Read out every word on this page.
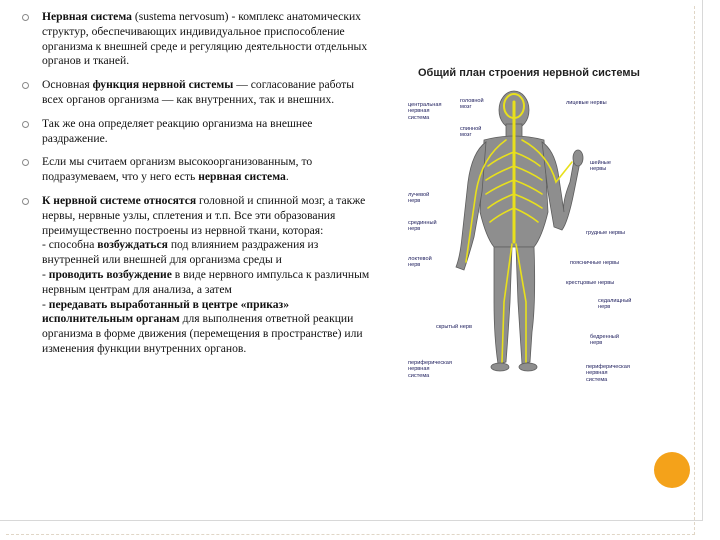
Нервная система (sustema nervosum) - комплекс анатомических структур, обеспечивающих индивидуальное приспособление организма к внешней среде и регуляцию деятельности отдельных органов и тканей.

Основная функция нервной системы — согласование работы всех органов организма — как внутренних, так и внешних.

Так же она определяет реакцию организма на внешнее раздражение.

Если мы считаем организм высокоорганизованным, то подразумеваем, что у него есть нервная система.

К нервной системе относятся головной и спинной мозг, а также нервы, нервные узлы, сплетения и т.п. Все эти образования преимущественно построены из нервной ткани, которая:
- способна возбуждаться под влиянием раздражения из внутренней или внешней для организма среды и
- проводить возбуждение в виде нервного импульса к различным нервным центрам для анализа, а затем
- передавать выработанный в центре «приказ» исполнительным органам для выполнения ответной реакции организма в форме движения (перемещения в пространстве) или изменения функции внутренних органов.

Общий план строения нервной системы
центральная
нервная
система
головной
мозг
спинной
мозг
лицевые нервы
шейные
нервы
лучевой
нерв
срединный
нерв
грудные нервы
локтевой
нерв	поясничные нервы
крестцовые нервы
седалищный
нерв
бедренный
нерв
скрытый нерв
периферическая
нервная
система
периферическая
нервная
система
